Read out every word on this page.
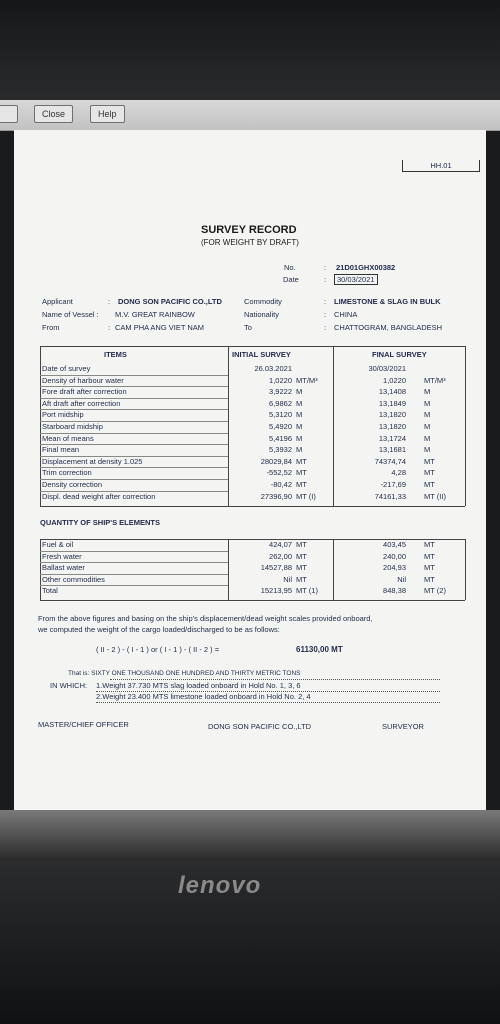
Close	Help
HH.01
SURVEY RECORD
(FOR WEIGHT BY DRAFT)
No.	: 21D01GHX00382
Date	:	30/03/2021
Applicant	: DONG SON PACIFIC CO.,LTD
Name of Vessel : M.V. GREAT RAINBOW
From	: CAM PHA ANG VIET NAM
Commodity	: LIMESTONE & SLAG IN BULK
Nationality	: CHINA
To	: CHATTOGRAM, BANGLADESH
ITEMS	INITIAL SURVEY	FINAL SURVEY
Date of survey	26.03.2021	30/03/2021
Density of harbour water	1,0220 MT/M³	1,0220 MT/M³
Fore draft after correction	3,9222 M	13,1408 M
Aft draft after correction	6,9862 M	13,1849 M
Port midship	5,3120 M	13,1820 M
Starboard midship	5,4920 M	13,1820 M
Mean of means	5,4196 M	13,1724 M
Final mean	5,3932 M	13,1681 M
Displacement at density 1.025	28029,84 MT	74374,74 MT
Trim correction	-552,52 MT	4,28 MT
Density correction	-80,42 MT	-217,69 MT
Displ. dead weight after correction	27396,90 MT (I)	74161,33 MT (II)
QUANTITY OF SHIP'S ELEMENTS
Fuel & oil	424,07 MT	403,45 MT
Fresh water	262,00 MT	240,00 MT
Ballast water	14527,88 MT	204,93 MT
Other commodities	Nil MT	Nil MT
Total	15213,95 MT (1)	848,38 MT (2)
From the above figures and basing on the ship's displacement/dead weight scales provided onboard,
we computed the weight of the cargo loaded/discharged to be as follows:
( II - 2 ) - ( I - 1 ) or ( I - 1 ) - ( II - 2 ) =	61130,00 MT
That is: SIXTY ONE THOUSAND ONE HUNDRED AND THIRTY METRIC TONS
IN WHICH: 1.Weight 37.730 MTS slag loaded onboard in Hold No. 1, 3, 6
2.Weight 23.400 MTS limestone loaded onboard in Hold No. 2, 4
MASTER/CHIEF OFFICER	DONG SON PACIFIC CO.,LTD	SURVEYOR
lenovo
